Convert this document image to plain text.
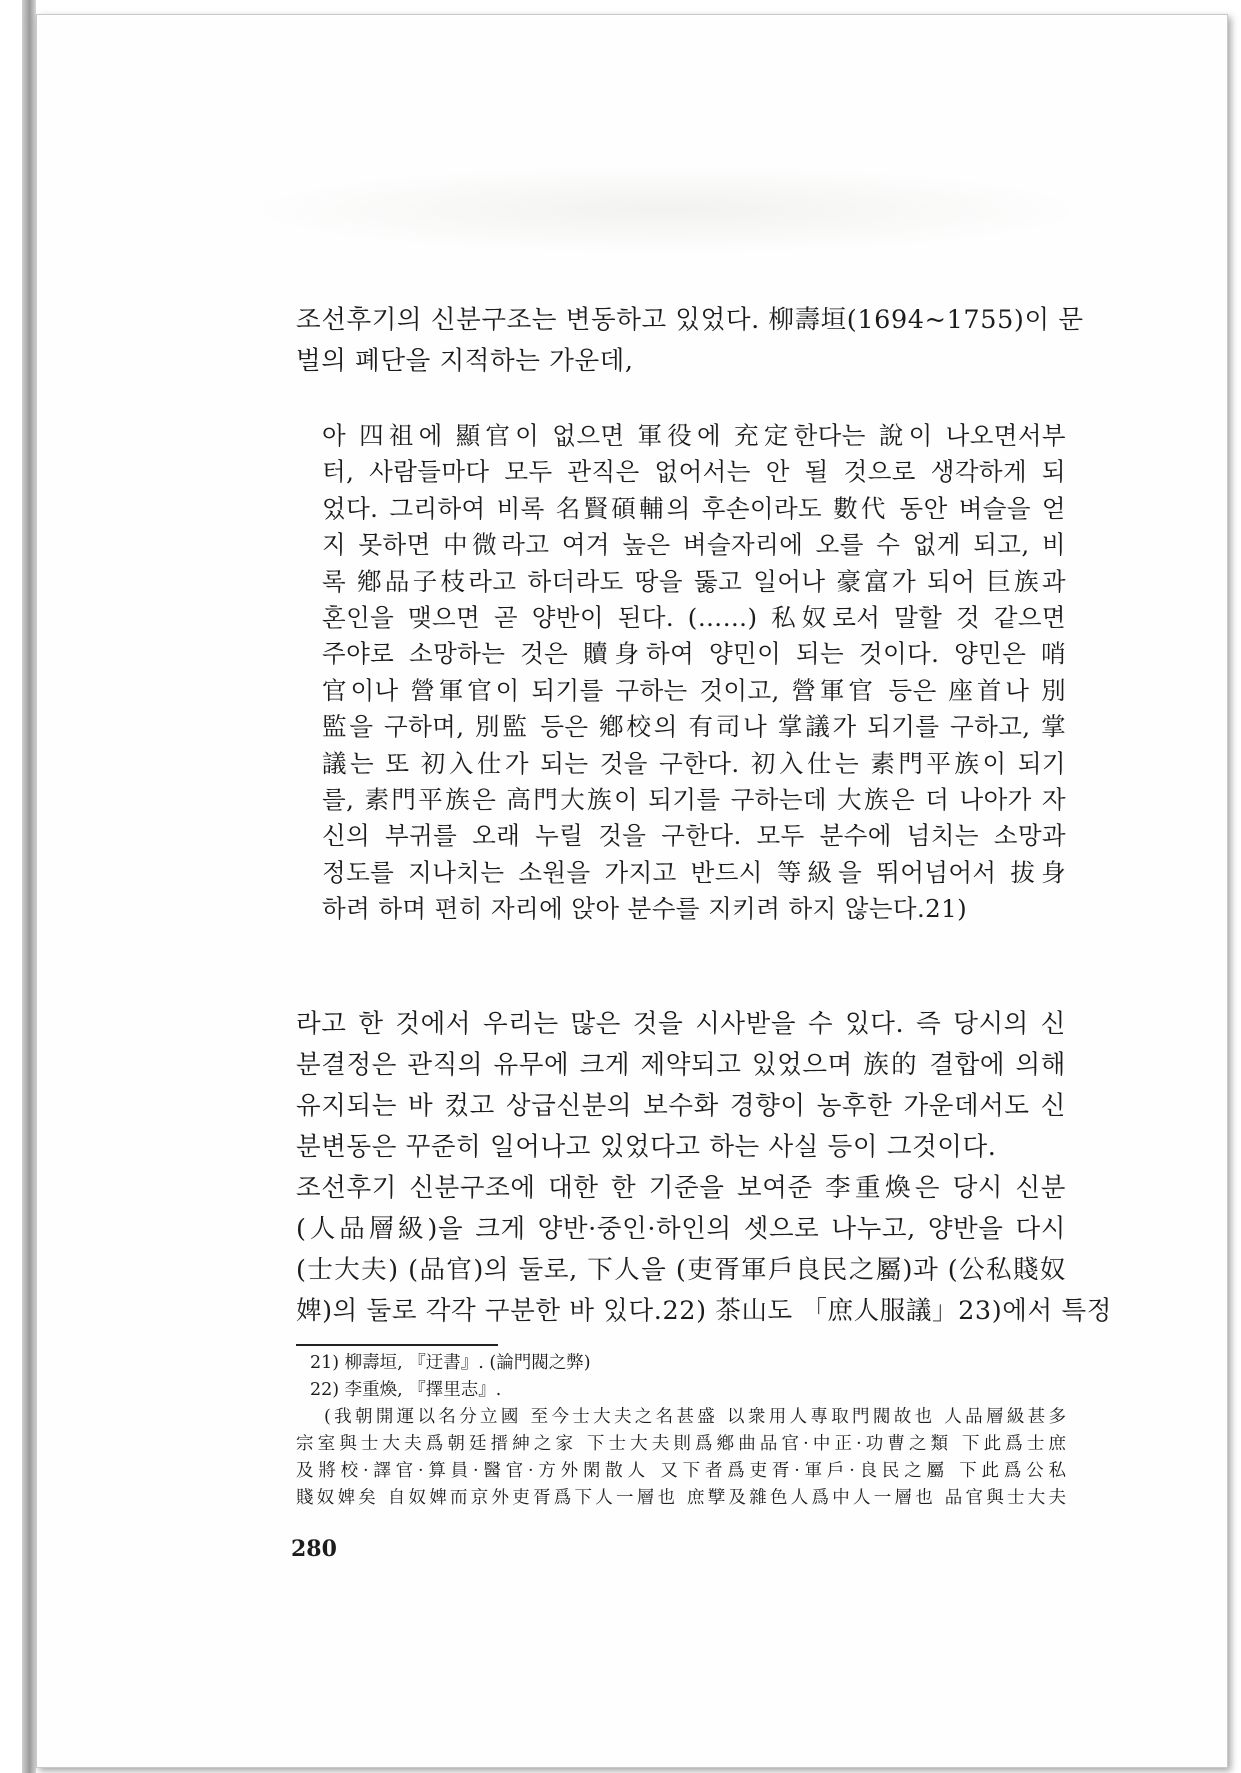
조선후기의 신분구조는 변동하고 있었다. 柳壽垣(1694~1755)이 문
벌의 폐단을 지적하는 가운데,
아 四祖에 顯官이 없으면 軍役에 充定한다는 說이 나오면서부
터, 사람들마다 모두 관직은 없어서는 안 될 것으로 생각하게 되
었다. 그리하여 비록 名賢碩輔의 후손이라도 數代 동안 벼슬을 얻
지 못하면 中微라고 여겨 높은 벼슬자리에 오를 수 없게 되고, 비
록 鄕品子枝라고 하더라도 땅을 뚫고 일어나 豪富가 되어 巨族과
혼인을 맺으면 곧 양반이 된다. (……) 私奴로서 말할 것 같으면
주야로 소망하는 것은 贖身하여 양민이 되는 것이다. 양민은 哨
官이나 營軍官이 되기를 구하는 것이고, 營軍官 등은 座首나 別
監을 구하며, 別監 등은 鄕校의 有司나 掌議가 되기를 구하고, 掌
議는 또 初入仕가 되는 것을 구한다. 初入仕는 素門平族이 되기
를, 素門平族은 高門大族이 되기를 구하는데 大族은 더 나아가 자
신의 부귀를 오래 누릴 것을 구한다. 모두 분수에 넘치는 소망과
정도를 지나치는 소원을 가지고 반드시 等級을 뛰어넘어서 拔身
하려 하며 편히 자리에 앉아 분수를 지키려 하지 않는다.21)
라고 한 것에서 우리는 많은 것을 시사받을 수 있다. 즉 당시의 신
분결정은 관직의 유무에 크게 제약되고 있었으며 族的 결합에 의해
유지되는 바 컸고 상급신분의 보수화 경향이 농후한 가운데서도 신
분변동은 꾸준히 일어나고 있었다고 하는 사실 등이 그것이다.
조선후기 신분구조에 대한 한 기준을 보여준 李重煥은 당시 신분
(人品層級)을 크게 양반·중인·하인의 셋으로 나누고, 양반을 다시
(士大夫) (品官)의 둘로, 下人을 (吏胥軍戶良民之屬)과 (公私賤奴
婢)의 둘로 각각 구분한 바 있다.22) 茶山도 「庶人服議」23)에서 특정
21) 柳壽垣, 『迂書』. (論門閥之弊)
22) 李重煥, 『擇里志』.
(我朝開運以名分立國 至今士大夫之名甚盛 以衆用人專取門閥故也 人品層級甚多
宗室與士大夫爲朝廷搢紳之家 下士大夫則爲鄕曲品官·中正·功曹之類 下此爲士庶
及將校·譯官·算員·醫官·方外閑散人 又下者爲吏胥·軍戶·良民之屬 下此爲公私
賤奴婢矣 自奴婢而京外吏胥爲下人一層也 庶孼及雜色人爲中人一層也 品官與士大夫
280
